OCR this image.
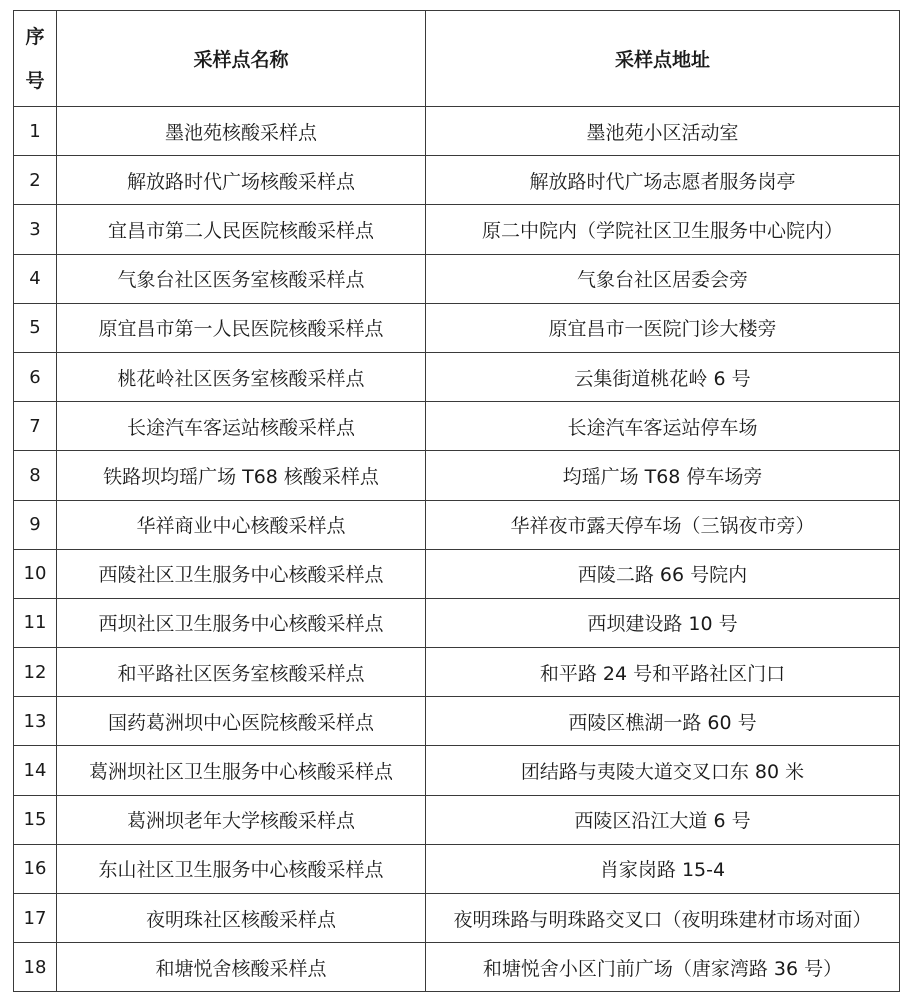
序
号	采样点名称	采样点地址
1	墨池苑核酸采样点	墨池苑小区活动室
2	解放路时代广场核酸采样点	解放路时代广场志愿者服务岗亭
3	宜昌市第二人民医院核酸采样点	原二中院内（学院社区卫生服务中心院内）
4	气象台社区医务室核酸采样点	气象台社区居委会旁
5	原宜昌市第一人民医院核酸采样点	原宜昌市一医院门诊大楼旁
6	桃花岭社区医务室核酸采样点	云集街道桃花岭 6 号
7	长途汽车客运站核酸采样点	长途汽车客运站停车场
8	铁路坝均瑶广场 T68 核酸采样点	均瑶广场 T68 停车场旁
9	华祥商业中心核酸采样点	华祥夜市露天停车场（三锅夜市旁）
10	西陵社区卫生服务中心核酸采样点	西陵二路 66 号院内
11	西坝社区卫生服务中心核酸采样点	西坝建设路 10 号
12	和平路社区医务室核酸采样点	和平路 24 号和平路社区门口
13	国药葛洲坝中心医院核酸采样点	西陵区樵湖一路 60 号
14	葛洲坝社区卫生服务中心核酸采样点	团结路与夷陵大道交叉口东 80 米
15	葛洲坝老年大学核酸采样点	西陵区沿江大道 6 号
16	东山社区卫生服务中心核酸采样点	肖家岗路 15-4
17	夜明珠社区核酸采样点	夜明珠路与明珠路交叉口（夜明珠建材市场对面）
18	和塘悦舍核酸采样点	和塘悦舍小区门前广场（唐家湾路 36 号）
